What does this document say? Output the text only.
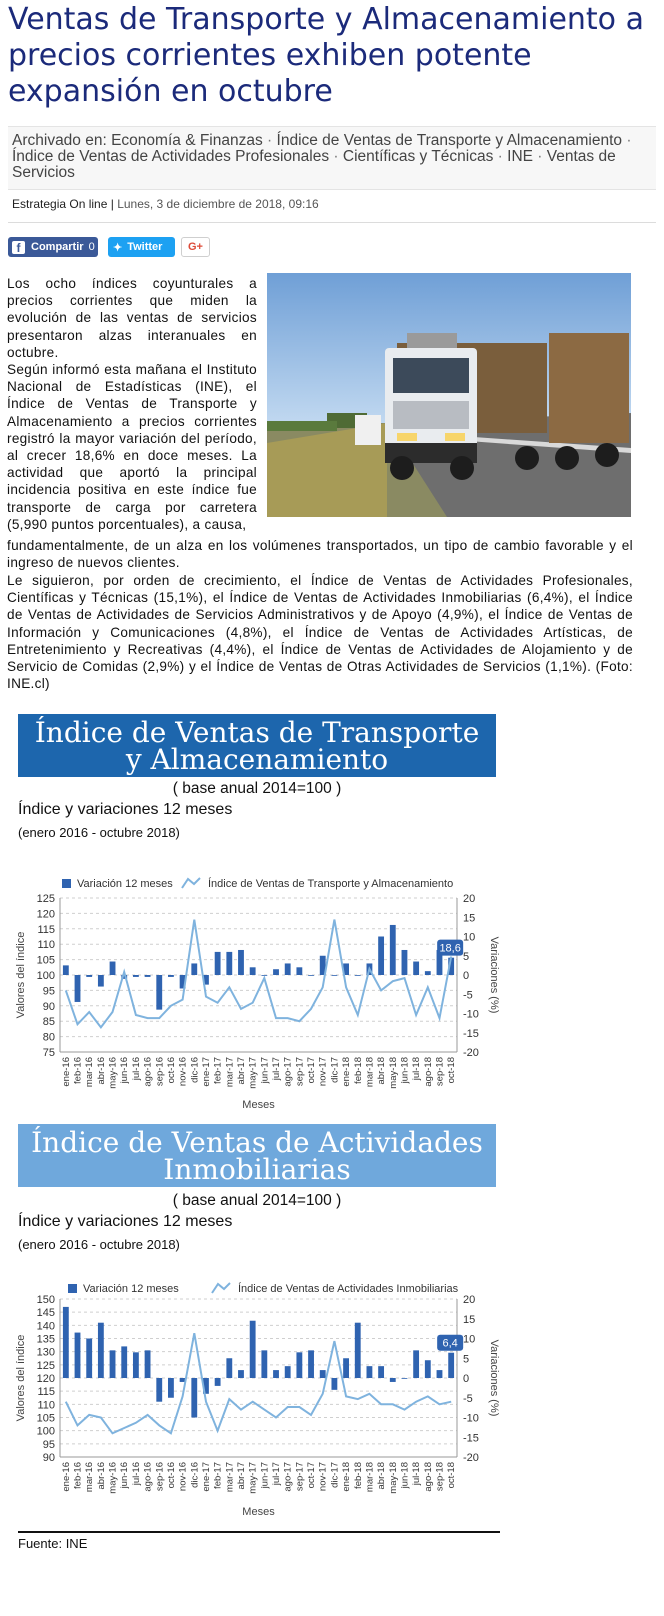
Ventas de Transporte y Almacenamiento a precios corrientes exhiben potente expansión en octubre
Archivado en: Economía & Finanzas · Índice de Ventas de Transporte y Almacenamiento · Índice de Ventas de Actividades Profesionales · Científicas y Técnicas · INE · Ventas de Servicios
Estrategia On line | Lunes, 3 de diciembre de 2018, 09:16
f Compartir 0 ✦ Twitter G+

Los ocho índices coyunturales a precios corrientes que miden la evolución de las ventas de servicios presentaron alzas interanuales en octubre.

Según informó esta mañana el Instituto Nacional de Estadísticas (INE), el Índice de Ventas de Transporte y Almacenamiento a precios corrientes registró la mayor variación del período, al crecer 18,6% en doce meses. La actividad que aportó la principal incidencia positiva en este índice fue transporte de carga por carretera (5,990 puntos porcentuales), a causa,

fundamentalmente, de un alza en los volúmenes transportados, un tipo de cambio favorable y el ingreso de nuevos clientes.

Le siguieron, por orden de crecimiento, el Índice de Ventas de Actividades Profesionales, Científicas y Técnicas (15,1%), el Índice de Ventas de Actividades Inmobiliarias (6,4%), el Índice de Ventas de Actividades de Servicios Administrativos y de Apoyo (4,9%), el Índice de Ventas de Información y Comunicaciones (4,8%), el Índice de Ventas de Actividades Artísticas, de Entretenimiento y Recreativas (4,4%), el Índice de Ventas de Actividades de Alojamiento y de Servicio de Comidas (2,9%) y el Índice de Ventas de Otras Actividades de Servicios (1,1%). (Foto: INE.cl)

Índice de Ventas de Transporte
y Almacenamiento
( base anual 2014=100 )
Índice y variaciones 12 meses
(enero 2016 - octubre 2018)
Variación 12 meses	Índice de Ventas de Transporte y Almacenamiento
125
120
115
110
105
100
95
90
85
80
75
20
15
10
5
0
-5
-10
-15
-20
18,6
ene-16 feb-16 mar-16 abr-16 may-16 jun-16 jul-16 ago-16 sep-16 oct-16 nov-16 dic-16 ene-17 feb-17 mar-17 abr-17 may-17 jun-17 jul-17 ago-17 sep-17 oct-17 nov-17 dic-17 ene-18 feb-18 mar-18 abr-18 may-18 jun-18 jul-18 ago-18 sep-18 oct-18
Valores del índice	Variaciones (%)
Meses
Índice de Ventas de Actividades
Inmobiliarias
( base anual 2014=100 )
Índice y variaciones 12 meses
(enero 2016 - octubre 2018)
Variación 12 meses	Índice de Ventas de Actividades Inmobiliarias
150
145
140
135
130
125
120
115
110
105
100
95
90
20
15
10
5
0
-5
-10
-15
-20
6,4
ene-16 feb-16 mar-16 abr-16 may-16 jun-16 jul-16 ago-16 sep-16 oct-16 nov-16 dic-16 ene-17 feb-17 mar-17 abr-17 may-17 jun-17 jul-17 ago-17 sep-17 oct-17 nov-17 dic-17 ene-18 feb-18 mar-18 abr-18 may-18 jun-18 jul-18 ago-18 sep-18 oct-18
Valores del índice	Variaciones (%)
Meses
Fuente: INE
